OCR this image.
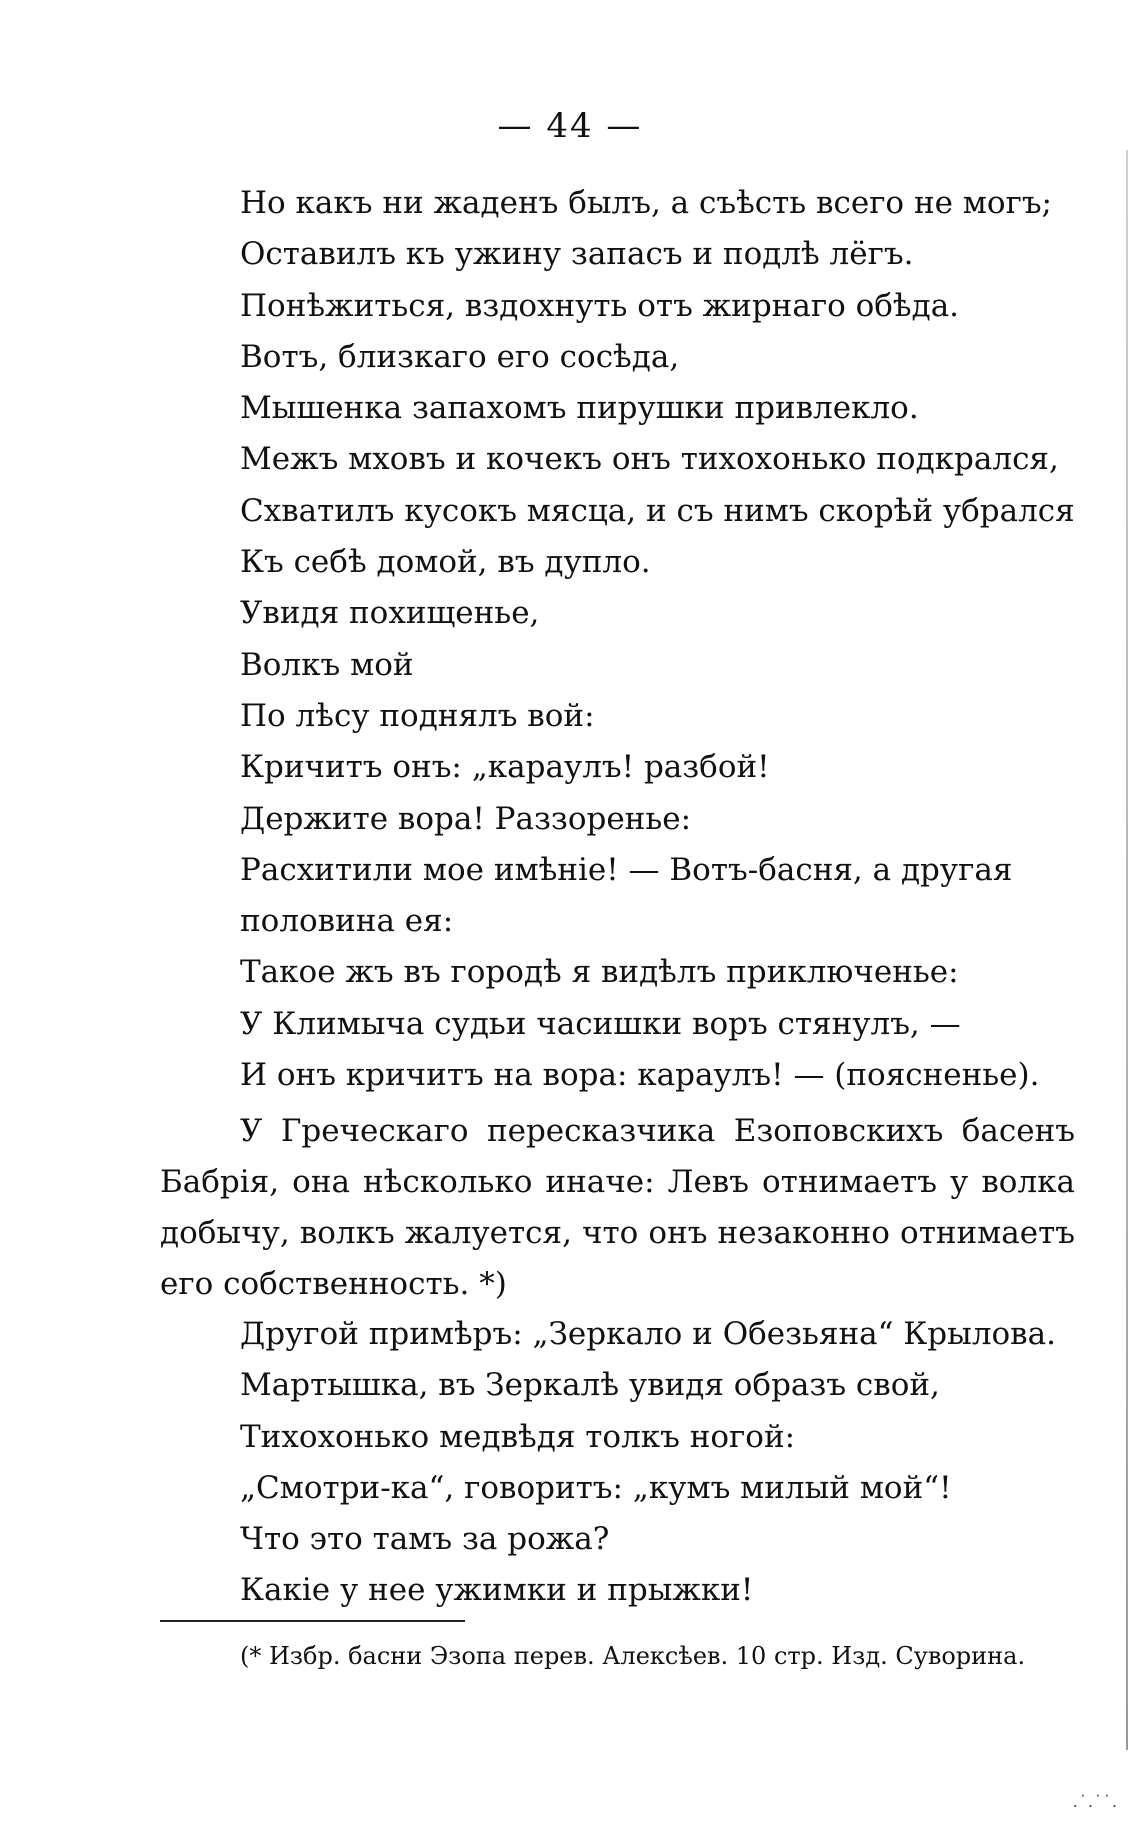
— 44 —
Но какъ ни жаденъ былъ, а съѣсть всего не могъ;
Оставилъ къ ужину запасъ и подлѣ лёгъ.
Понѣжиться, вздохнуть отъ жирнаго обѣда.
Вотъ, близкаго его сосѣда,
Мышенка запахомъ пирушки привлекло.
Межъ мховъ и кочекъ онъ тихохонько подкрался,
Схватилъ кусокъ мясца, и съ нимъ скорѣй убрался
Къ себѣ домой, въ дупло.
Увидя похищенье,
Волкъ мой
По лѣсу поднялъ вой:
Кричитъ онъ: „караулъ! разбой!
Держите вора! Раззоренье:
Расхитили мое имѣніе! — Вотъ-басня, а другая
половина ея:
Такое жъ въ городѣ я видѣлъ приключенье:
У Климыча судьи часишки воръ стянулъ, —
И онъ кричитъ на вора: караулъ! — (поясненье).
У Греческаго пересказчика Езоповскихъ басенъ Бабрія, она нѣсколько иначе: Левъ отнимаетъ у волка добычу, волкъ жалуется, что онъ незаконно отнимаетъ его собственность. *)
Другой примѣръ: „Зеркало и Обезьяна“ Крылова.
Мартышка, въ Зеркалѣ увидя образъ свой,
Тихохонько медвѣдя толкъ ногой:
„Смотри-ка“, говоритъ: „кумъ милый мой“!
Что это тамъ за рожа?
Какіе у нее ужимки и прыжки!
(* Избр. басни Эзопа перев. Алексѣев. 10 стр. Изд. Суворина.
.˙.˙˙.
